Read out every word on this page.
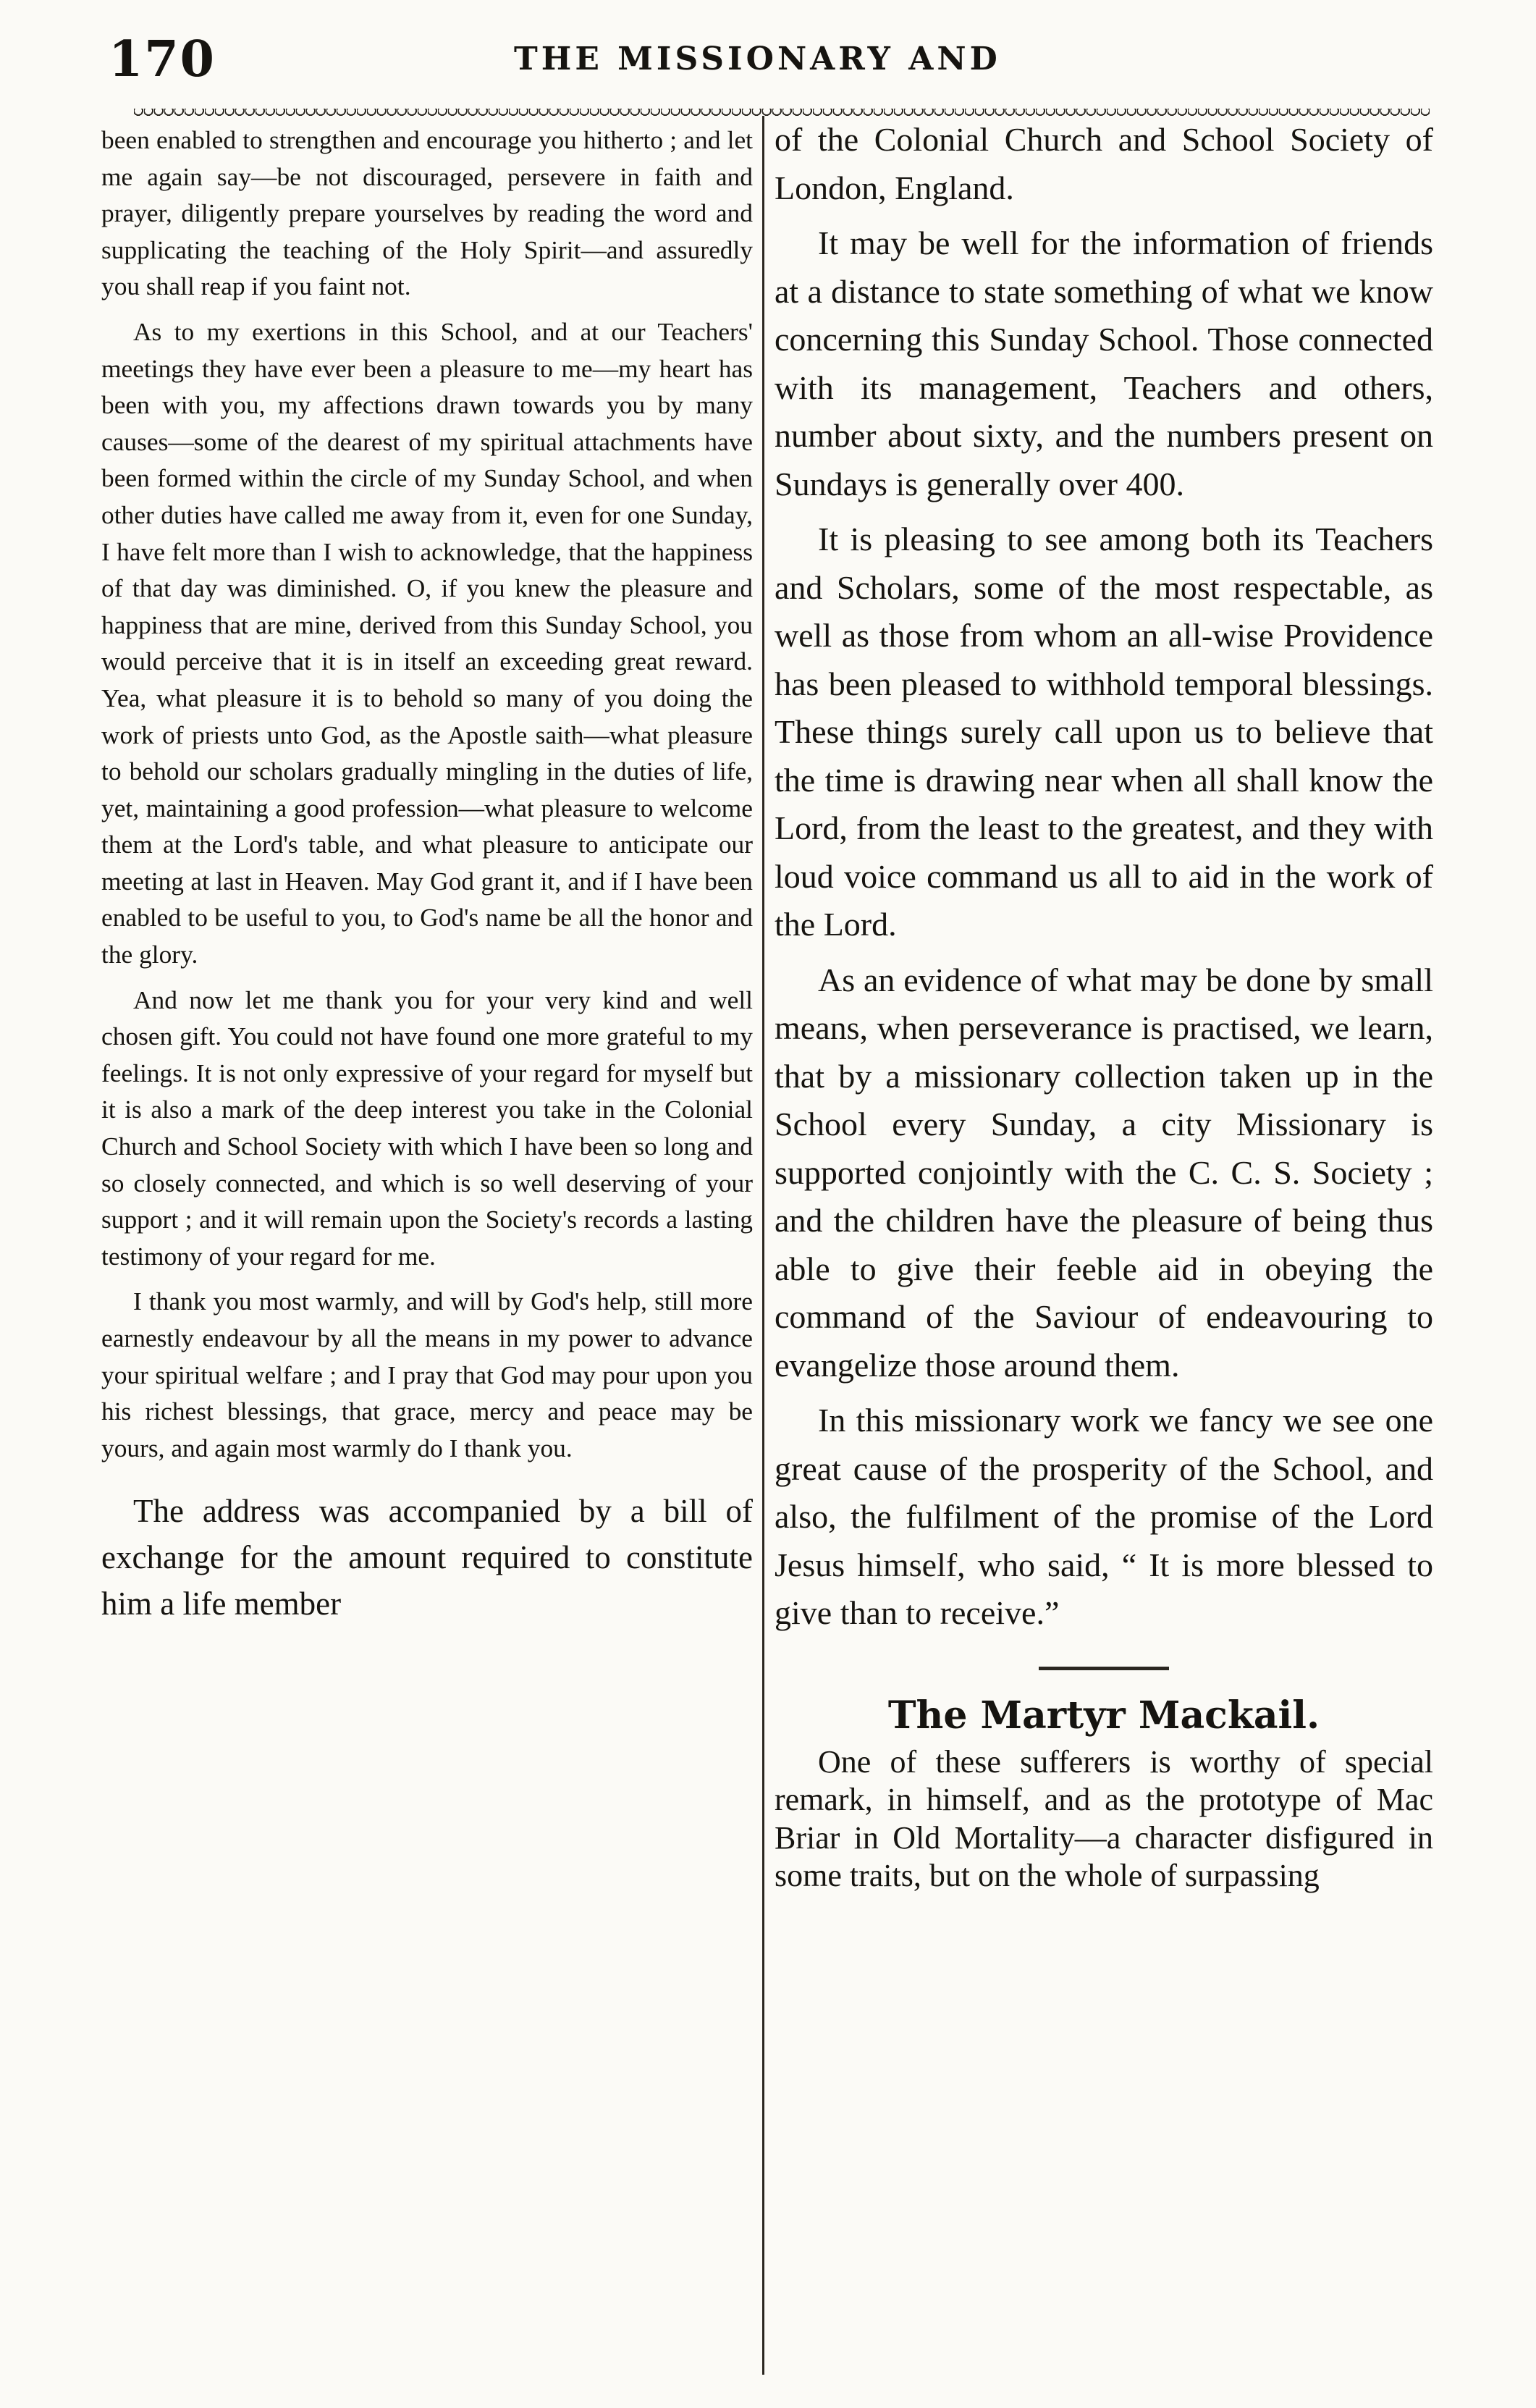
170	THE MISSIONARY AND

been enabled to strengthen and encourage you hitherto ; and let me again say—be not discouraged, persevere in faith and prayer, diligently prepare yourselves by reading the word and supplicating the teaching of the Holy Spirit—and assuredly you shall reap if you faint not.

As to my exertions in this School, and at our Teachers' meetings they have ever been a pleasure to me—my heart has been with you, my affections drawn towards you by many causes—some of the dearest of my spiritual attachments have been formed within the circle of my Sunday School, and when other duties have called me away from it, even for one Sunday, I have felt more than I wish to acknowledge, that the happiness of that day was diminished. O, if you knew the pleasure and happiness that are mine, derived from this Sunday School, you would perceive that it is in itself an exceeding great reward. Yea, what pleasure it is to behold so many of you doing the work of priests unto God, as the Apostle saith—what pleasure to behold our scholars gradually mingling in the duties of life, yet, maintaining a good profession—what pleasure to welcome them at the Lord's table, and what pleasure to anticipate our meeting at last in Heaven. May God grant it, and if I have been enabled to be useful to you, to God's name be all the honor and the glory.

And now let me thank you for your very kind and well chosen gift. You could not have found one more grateful to my feelings. It is not only expressive of your regard for myself but it is also a mark of the deep interest you take in the Colonial Church and School Society with which I have been so long and so closely connected, and which is so well deserving of your support ; and it will remain upon the Society's records a lasting testimony of your regard for me.

I thank you most warmly, and will by God's help, still more earnestly endeavour by all the means in my power to advance your spiritual welfare ; and I pray that God may pour upon you his richest blessings, that grace, mercy and peace may be yours, and again most warmly do I thank you.

The address was accompanied by a bill of exchange for the amount required to constitute him a life member

of the Colonial Church and School Society of London, England.

It may be well for the information of friends at a distance to state something of what we know concerning this Sunday School. Those connected with its management, Teachers and others, number about sixty, and the numbers present on Sundays is generally over 400.

It is pleasing to see among both its Teachers and Scholars, some of the most respectable, as well as those from whom an all-wise Providence has been pleased to withhold temporal blessings. These things surely call upon us to believe that the time is drawing near when all shall know the Lord, from the least to the greatest, and they with loud voice command us all to aid in the work of the Lord.

As an evidence of what may be done by small means, when perseverance is practised, we learn, that by a missionary collection taken up in the School every Sunday, a city Missionary is supported conjointly with the C. C. S. Society ; and the children have the pleasure of being thus able to give their feeble aid in obeying the command of the Saviour of endeavouring to evangelize those around them.

In this missionary work we fancy we see one great cause of the prosperity of the School, and also, the fulfilment of the promise of the Lord Jesus himself, who said, “ It is more blessed to give than to receive.”

The Martyr Mackail.

One of these sufferers is worthy of special remark, in himself, and as the prototype of Mac Briar in Old Mortality—a character disfigured in some traits, but on the whole of surpassing
